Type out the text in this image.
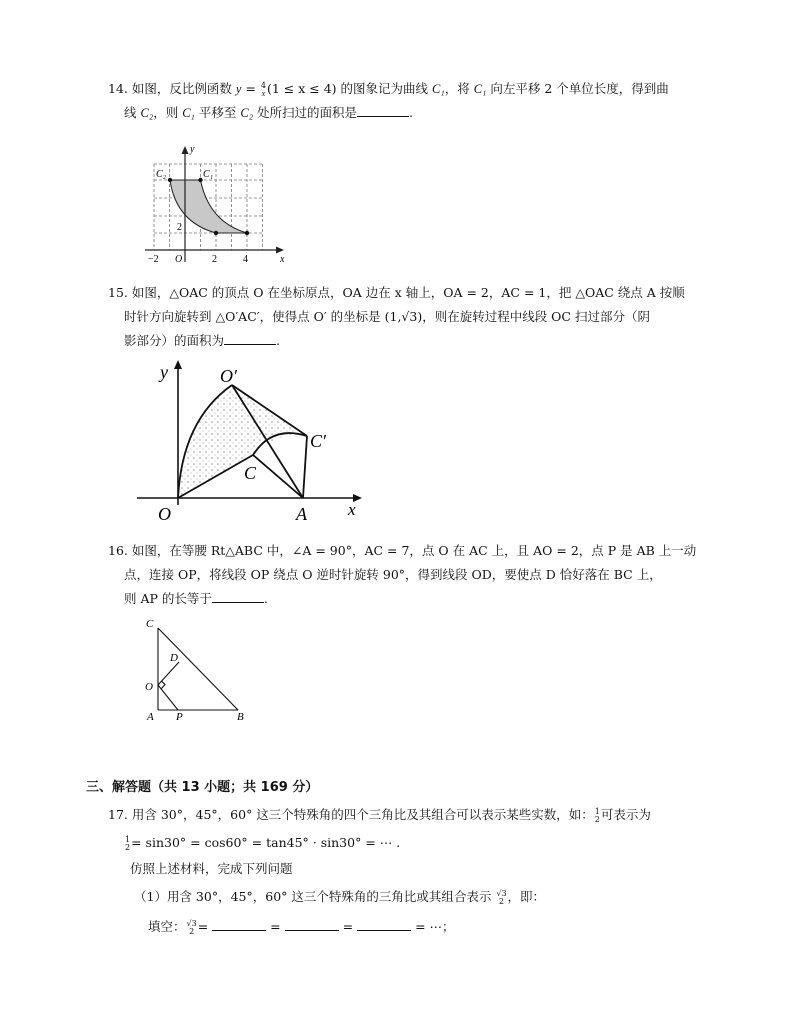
14. 如图，反比例函数 y = 4
x (1 ≤ x ≤ 4) 的图象记为曲线 C₁，将 C₁ 向左平移 2 个单位长度，得到曲
线 C₂，则 C₁ 平移至 C₂ 处所扫过的面积是	.
C₂	C₁
y
x
O
−2	2	4
2
15. 如图，△OAC 的顶点 O 在坐标原点，OA 边在 x 轴上，OA = 2，AC = 1，把 △OAC 绕点 A 按顺
时针方向旋转到 △O′AC′，使得点 O′ 的坐标是 (1,√3)，则在旋转过程中线段 OC 扫过部分（阴
影部分）的面积为	.
y
x
O	A
C
O′
C′
16. 如图，在等腰 Rt△ABC 中，∠A = 90°，AC = 7，点 O 在 AC 上，且 AO = 2，点 P 是 AB 上一动
点，连接 OP，将线段 OP 绕点 O 逆时针旋转 90°，得到线段 OD，要使点 D 恰好落在 BC 上，
则 AP 的长等于	.
C
D
O
A P	B
三、解答题（共 13 小题；共 169 分）
17. 用含 30°，45°，60° 这三个特殊角的四个三角比及其组合可以表示某些实数，如： 1
2 可表示为
1
2 = sin30° = cos60° = tan45° · sin30° = ⋯ .
仿照上述材料，完成下列问题
（1）用含 30°，45°，60° 这三个特殊角的三角比或其组合表示 √3
2 ，即：
填空： √3
2 =	=	=	= ⋯；
